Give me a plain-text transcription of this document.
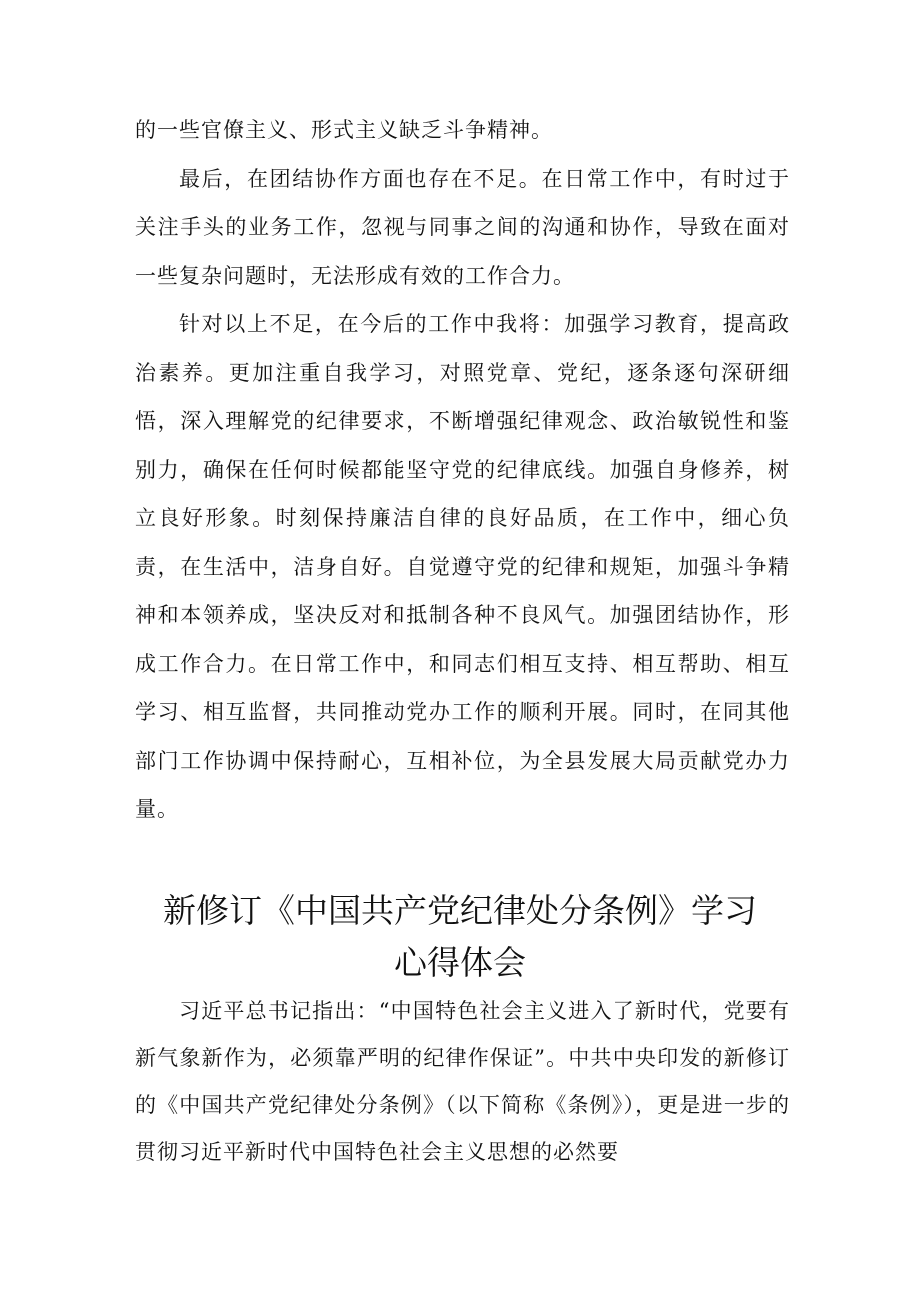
的一些官僚主义、形式主义缺乏斗争精神。

最后，在团结协作方面也存在不足。在日常工作中，有时过于关注手头的业务工作，忽视与同事之间的沟通和协作，导致在面对一些复杂问题时，无法形成有效的工作合力。

针对以上不足，在今后的工作中我将：加强学习教育，提高政治素养。更加注重自我学习，对照党章、党纪，逐条逐句深研细悟，深入理解党的纪律要求，不断增强纪律观念、政治敏锐性和鉴别力，确保在任何时候都能坚守党的纪律底线。加强自身修养，树立良好形象。时刻保持廉洁自律的良好品质，在工作中，细心负责，在生活中，洁身自好。自觉遵守党的纪律和规矩，加强斗争精神和本领养成，坚决反对和抵制各种不良风气。加强团结协作，形成工作合力。在日常工作中，和同志们相互支持、相互帮助、相互学习、相互监督，共同推动党办工作的顺利开展。同时，在同其他部门工作协调中保持耐心，互相补位，为全县发展大局贡献党办力量。

新修订《中国共产党纪律处分条例》学习
心得体会

习近平总书记指出：“中国特色社会主义进入了新时代，党要有新气象新作为，必须靠严明的纪律作保证”。中共中央印发的新修订的《中国共产党纪律处分条例》（以下简称《条例》），更是进一步的贯彻习近平新时代中国特色社会主义思想的必然要
